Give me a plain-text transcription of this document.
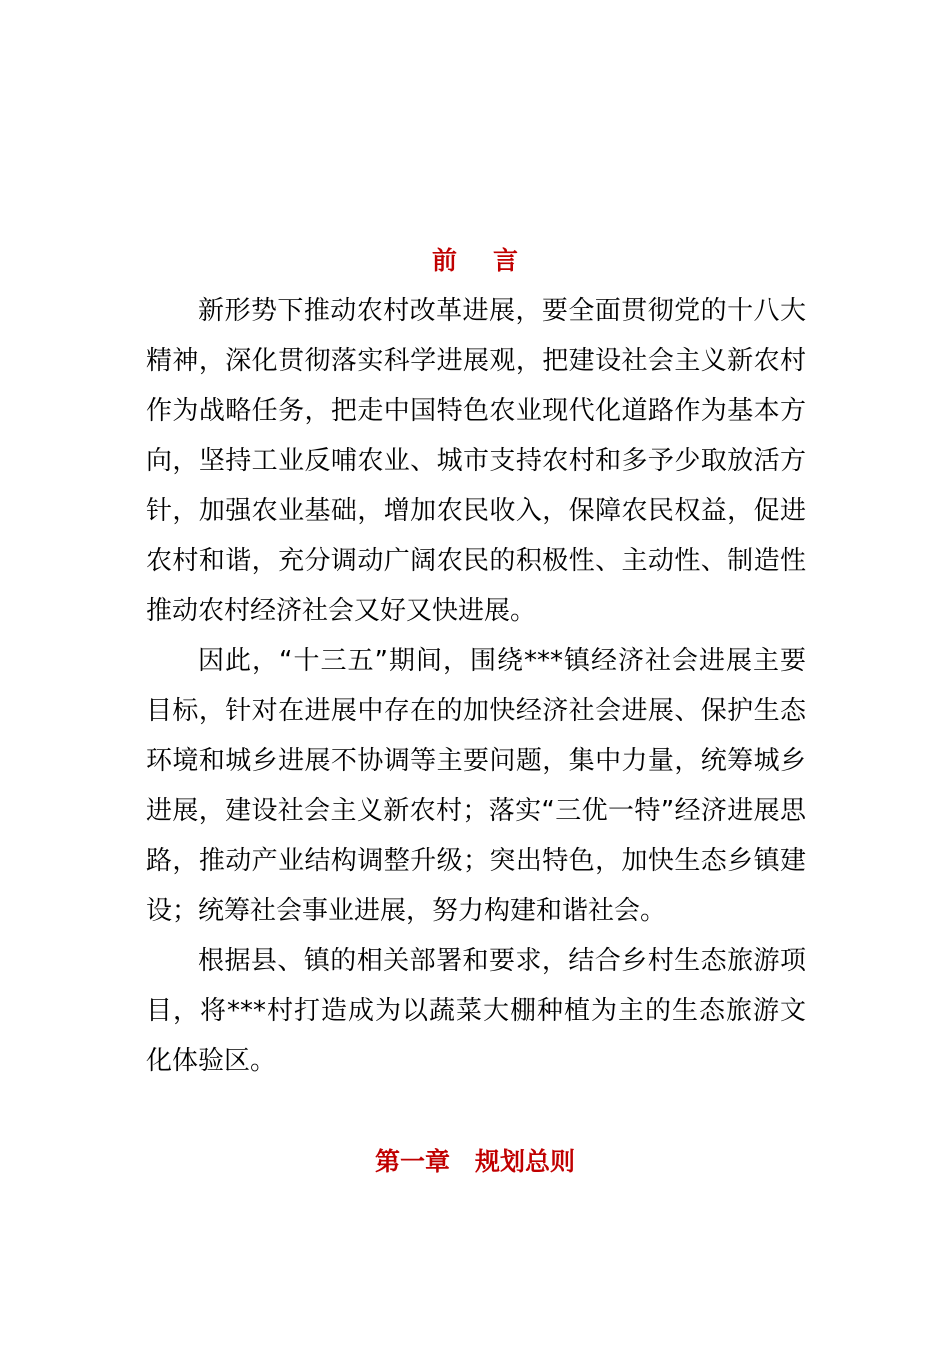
前言

新形势下推动农村改革进展，要全面贯彻党的十八大精神，深化贯彻落实科学进展观，把建设社会主义新农村作为战略任务，把走中国特色农业现代化道路作为基本方向，坚持工业反哺农业、城市支持农村和多予少取放活方针，加强农业基础，增加农民收入，保障农民权益，促进农村和谐，充分调动广阔农民的积极性、主动性、制造性推动农村经济社会又好又快进展。

因此，“十三五”期间，围绕***镇经济社会进展主要目标，针对在进展中存在的加快经济社会进展、保护生态环境和城乡进展不协调等主要问题，集中力量，统筹城乡进展，建设社会主义新农村；落实“三优一特”经济进展思路，推动产业结构调整升级；突出特色，加快生态乡镇建设；统筹社会事业进展，努力构建和谐社会。

根据县、镇的相关部署和要求，结合乡村生态旅游项目，将***村打造成为以蔬菜大棚种植为主的生态旅游文化体验区。

第一章　规划总则
